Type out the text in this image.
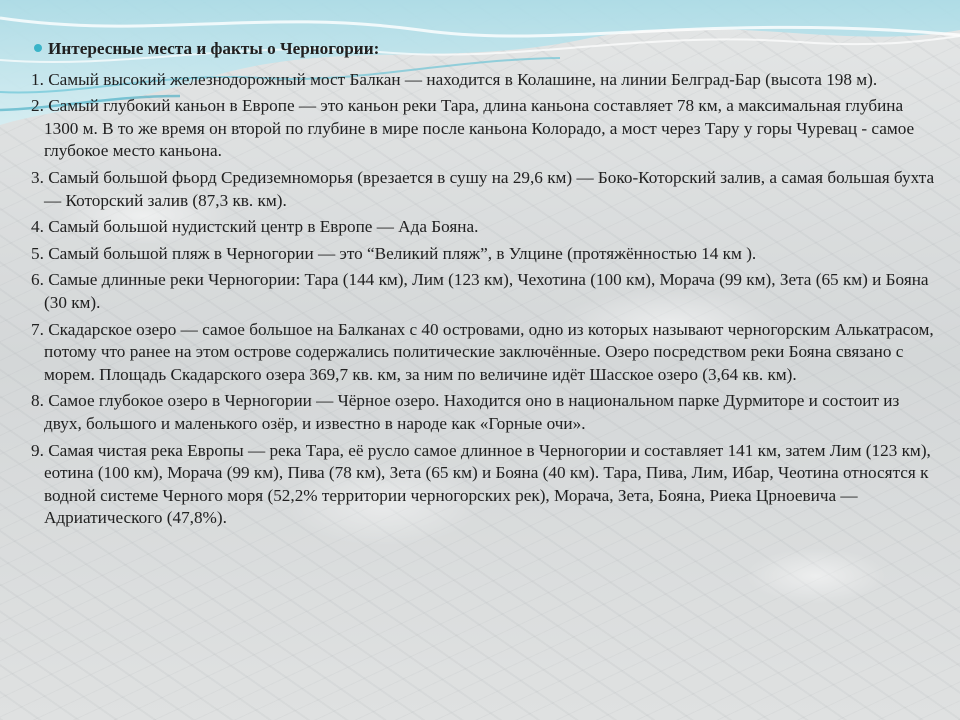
Интересные места и факты о Черногории:
1. Самый высокий железнодорожный мост Балкан — находится в Колашине, на линии Белград-Бар (высота 198 м).
2. Самый глубокий каньон в Европе — это каньон реки Тара, длина каньона составляет 78 км, а максимальная глубина 1300 м. В то же время он второй по глубине в мире после каньона Колорадо, а мост через Тару у горы Чуревац - самое глубокое место каньона.
3. Самый большой фьорд Средиземноморья (врезается в сушу на 29,6 км) — Боко-Которский залив, а самая большая бухта — Которский залив (87,3 кв. км).
4. Самый большой нудистский центр в Европе — Ада Бояна.
5. Самый большой пляж в Черногории — это “Великий пляж”, в Улцине (протяжённостью 14 км ).
6. Самые длинные реки Черногории: Тара (144 км), Лим (123 км), Чехотина (100 км), Морача (99 км), Зета (65 км) и Бояна (30 км).
7. Скадарское озеро — самое большое на Балканах с 40 островами, одно из которых называют черногорским Алькатрасом, потому что ранее на этом острове содержались политические заключённые. Озеро посредством реки Бояна связано с морем. Площадь Скадарского озера 369,7 кв. км, за ним по величине идёт Шасское озеро (3,64 кв. км).
8. Самое глубокое озеро в Черногории — Чёрное озеро. Находится оно в национальном парке Дурмиторе и состоит из двух, большого и маленького озёр, и известно в народе как «Горные очи».
9. Самая чистая река Европы — река Тара, её русло самое длинное в Черногории и составляет 141 км, затем Лим (123 км), еотина (100 км), Морача (99 км), Пива (78 км), Зета (65 км) и Бояна (40 км). Тара, Пива, Лим, Ибар, Чеотина относятся к водной системе Черного моря (52,2% территории черногорских рек), Морача, Зета, Бояна, Риека Црноевича — Адриатического (47,8%).
